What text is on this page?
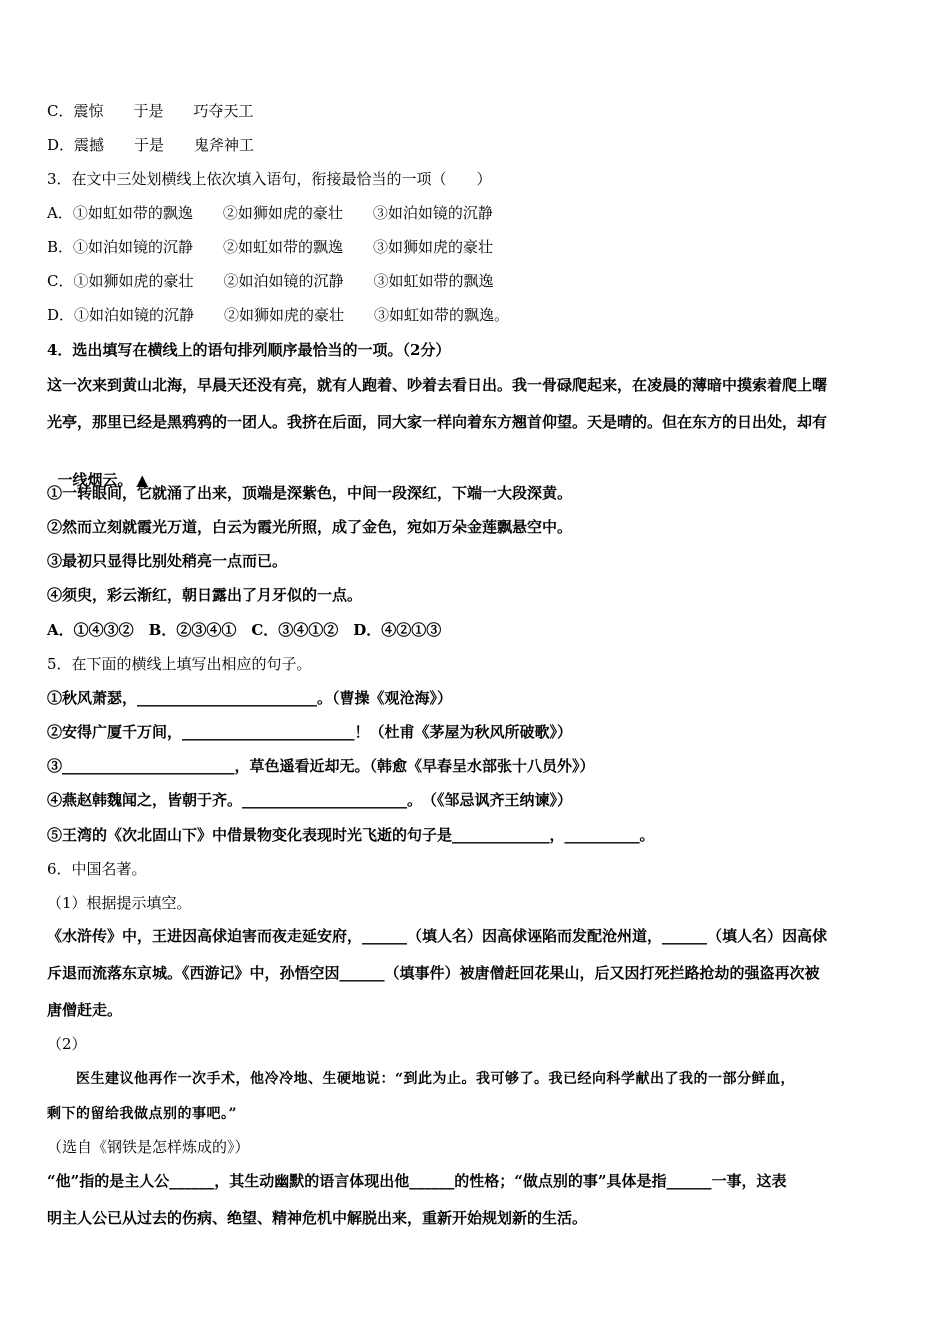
C．震惊　　于是　　巧夺天工
D．震撼　　于是　　鬼斧神工
3．在文中三处划横线上依次填入语句，衔接最恰当的一项（　　）
A．①如虹如带的飘逸　　②如狮如虎的豪壮　　③如泊如镜的沉静
B．①如泊如镜的沉静　　②如虹如带的飘逸　　③如狮如虎的豪壮
C．①如狮如虎的豪壮　　②如泊如镜的沉静　　③如虹如带的飘逸
D．①如泊如镜的沉静　　②如狮如虎的豪壮　　③如虹如带的飘逸。
4．选出填写在横线上的语句排列顺序最恰当的一项。（2分）
这一次来到黄山北海，早晨天还没有亮，就有人跑着、吵着去看日出。我一骨碌爬起来，在凌晨的薄暗中摸索着爬上曙
光亭，那里已经是黑鸦鸦的一团人。我挤在后面，同大家一样向着东方翘首仰望。天是晴的。但在东方的日出处，却有

一线烟云。 ▲

①一转眼间，它就涌了出来，顶端是深紫色，中间一段深红，下端一大段深黄。
②然而立刻就霞光万道，白云为霞光所照，成了金色，宛如万朵金莲飘悬空中。
③最初只显得比别处稍亮一点而已。
④须臾，彩云渐红，朝日露出了月牙似的一点。
A．①④③②　B．②③④①　C．③④①②　D．④②①③
5．在下面的横线上填写出相应的句子。
①秋风萧瑟，________________________。（曹操《观沧海》）
②安得广厦千万间，_______________________！（杜甫《茅屋为秋风所破歌》）
③_______________________，草色遥看近却无。（韩愈《早春呈水部张十八员外》）
④燕赵韩魏闻之，皆朝于齐。______________________。　（《邹忌讽齐王纳谏》）
⑤王湾的《次北固山下》中借景物变化表现时光飞逝的句子是_____________，__________。
6．中国名著。
（1）根据提示填空。
《水浒传》中，王进因高俅迫害而夜走延安府，______（填人名）因高俅诬陷而发配沧州道，______（填人名）因高俅
斥退而流落东京城。《西游记》中，孙悟空因______（填事件）被唐僧赶回花果山，后又因打死拦路抢劫的强盗再次被
唐僧赶走。
（2）
　　医生建议他再作一次手术，他冷冷地、生硬地说：“到此为止。我可够了。我已经向科学献出了我的一部分鲜血，
剩下的留给我做点别的事吧。”
（选自《钢铁是怎样炼成的》）
“他”指的是主人公______，其生动幽默的语言体现出他______的性格；“做点别的事”具体是指______一事，这表
明主人公已从过去的伤病、绝望、精神危机中解脱出来，重新开始规划新的生活。
